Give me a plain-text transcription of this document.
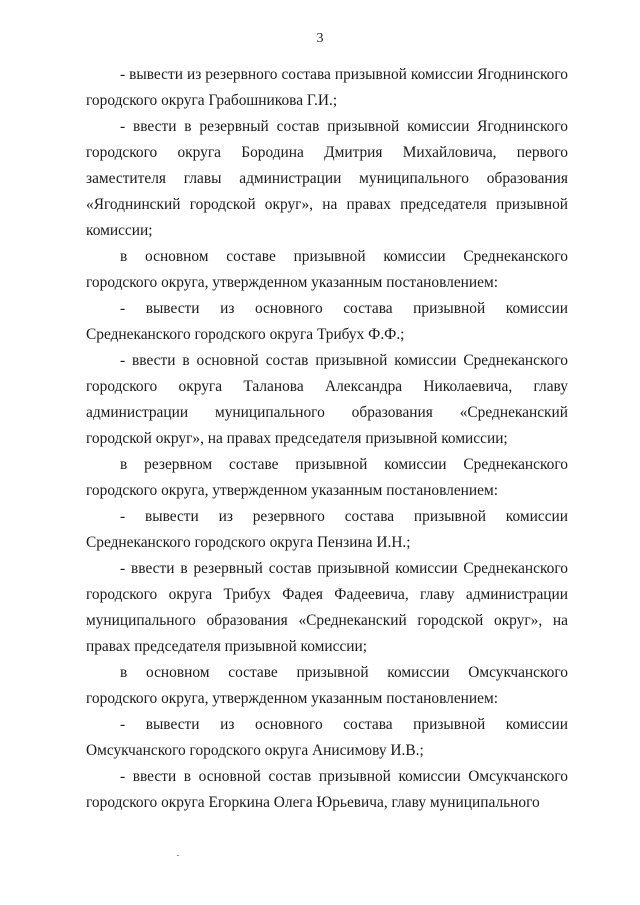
3

- вывести из резервного состава призывной комиссии Ягоднинского городского округа Грабошникова Г.И.;

- ввести в резервный состав призывной комиссии Ягоднинского городского округа Бородина Дмитрия Михайловича, первого заместителя главы администрации муниципального образования «Ягоднинский городской округ», на правах председателя призывной комиссии;

в основном составе призывной комиссии Среднеканского городского округа, утвержденном указанным постановлением:

- вывести из основного состава призывной комиссии Среднеканского городского округа Трибух Ф.Ф.;

- ввести в основной состав призывной комиссии Среднеканского городского округа Таланова Александра Николаевича, главу администрации муниципального образования «Среднеканский городской округ», на правах председателя призывной комиссии;

в резервном составе призывной комиссии Среднеканского городского округа, утвержденном указанным постановлением:

- вывести из резервного состава призывной комиссии Среднеканского городского округа Пензина И.Н.;

- ввести в резервный состав призывной комиссии Среднеканского городского округа Трибух Фадея Фадеевича, главу администрации муниципального образования «Среднеканский городской округ», на правах председателя призывной комиссии;

в основном составе призывной комиссии Омсукчанского городского округа, утвержденном указанным постановлением:

- вывести из основного состава призывной комиссии Омсукчанского городского округа Анисимову И.В.;

- ввести в основной состав призывной комиссии Омсукчанского городского округа Егоркина Олега Юрьевича, главу муниципального
